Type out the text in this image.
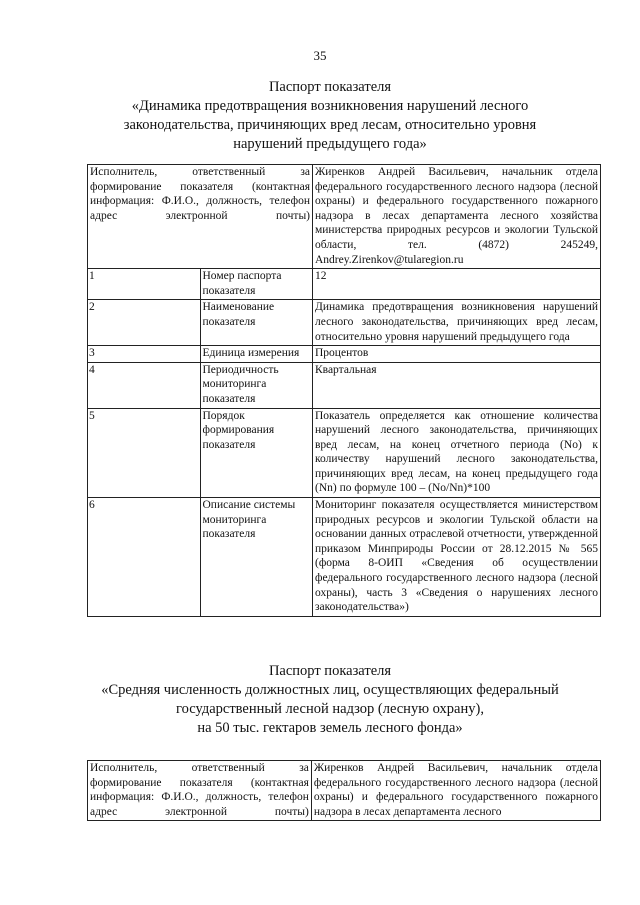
35
Паспорт показателя
«Динамика предотвращения возникновения нарушений лесного
законодательства, причиняющих вред лесам, относительно уровня
нарушений предыдущего года»
Исполнитель, ответственный за формирование показателя (контактная информация: Ф.И.О., должность, телефон адрес электронной почты)		Жиренков Андрей Васильевич, начальник отдела федерального государственного лесного надзора (лесной охраны) и федерального государственного пожарного надзора в лесах департамента лесного хозяйства министерства природных ресурсов и экологии Тульской области, тел. (4872) 245249, Andrey.Zirenkov@tularegion.ru
1	Номер паспорта показателя	12
2	Наименование показателя	Динамика предотвращения возникновения нарушений лесного законодательства, причиняющих вред лесам, относительно уровня нарушений предыдущего года
3	Единица измерения	Процентов
4	Периодичность мониторинга показателя	Квартальная
5	Порядок формирования показателя	Показатель определяется как отношение количества нарушений лесного законодательства, причиняющих вред лесам, на конец отчетного периода (No) к количеству нарушений лесного законодательства, причиняющих вред лесам, на конец предыдущего года (Nn) по формуле 100 – (No/Nn)*100
6	Описание системы мониторинга показателя	Мониторинг показателя осуществляется министерством природных ресурсов и экологии Тульской области на основании данных отраслевой отчетности, утвержденной приказом Минприроды России от 28.12.2015 № 565 (форма 8-ОИП «Сведения об осуществлении федерального государственного лесного надзора (лесной охраны), часть 3 «Сведения о нарушениях лесного законодательства»)
Паспорт показателя
«Средняя численность должностных лиц, осуществляющих федеральный
государственный лесной надзор (лесную охрану),
на 50 тыс. гектаров земель лесного фонда»
Исполнитель, ответственный за формирование показателя (контактная информация: Ф.И.О., должность, телефон адрес электронной почты)	Жиренков Андрей Васильевич, начальник отдела федерального государственного лесного надзора (лесной охраны) и федерального государственного пожарного надзора в лесах департамента лесного
